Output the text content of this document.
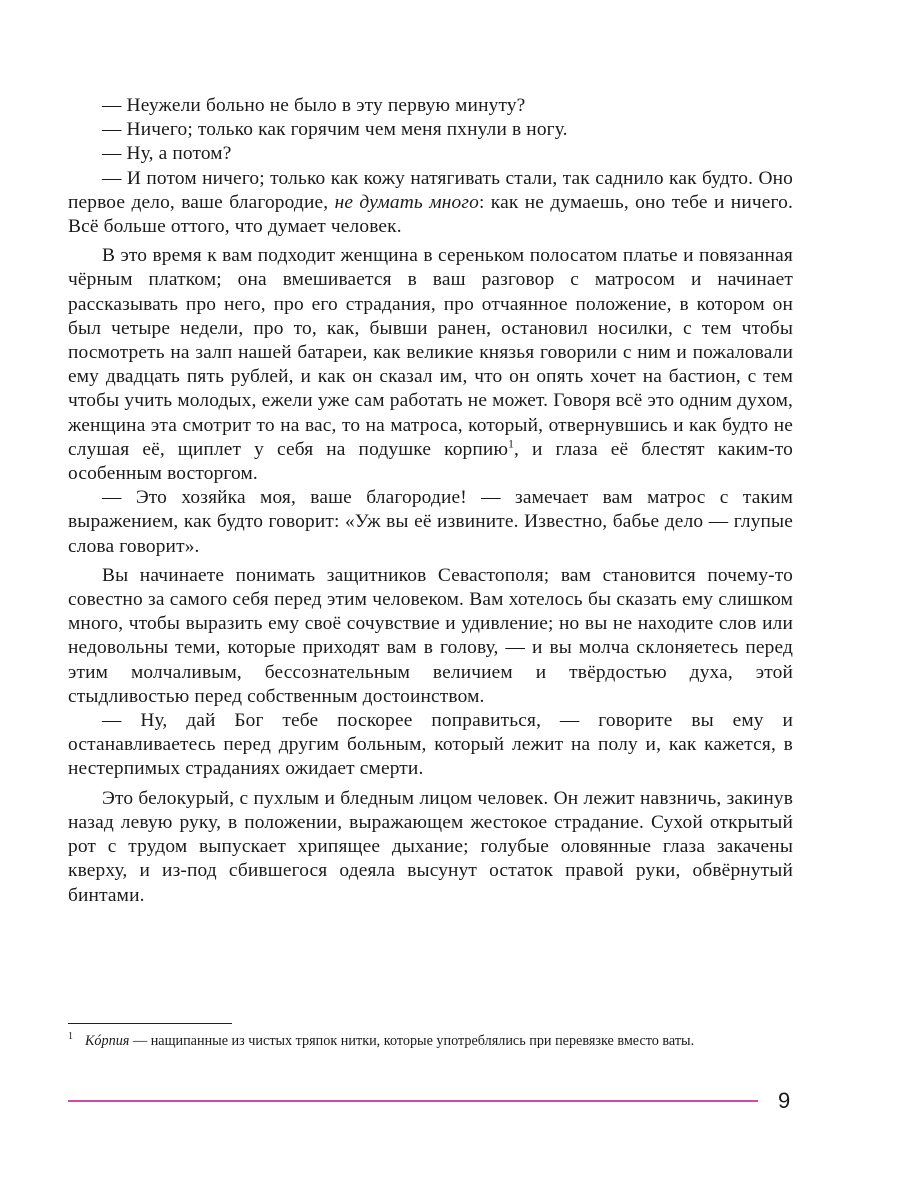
— Неужели больно не было в эту первую минуту?

— Ничего; только как горячим чем меня пхнули в ногу.

— Ну, а потом?

— И потом ничего; только как кожу натягивать стали, так саднило как будто. Оно первое дело, ваше благородие, не думать много: как не думаешь, оно тебе и ничего. Всё больше оттого, что думает человек.

В это время к вам подходит женщина в сереньком полосатом платье и повязанная чёрным платком; она вмешивается в ваш разговор с матросом и начинает рассказывать про него, про его страдания, про отчаянное положение, в котором он был четыре недели, про то, как, бывши ранен, остановил носилки, с тем чтобы посмотреть на залп нашей батареи, как великие князья говорили с ним и пожаловали ему двадцать пять рублей, и как он сказал им, что он опять хочет на бастион, с тем чтобы учить молодых, ежели уже сам работать не может. Говоря всё это одним духом, женщина эта смотрит то на вас, то на матроса, который, отвернувшись и как будто не слушая её, щиплет у себя на подушке корпию$^1$, и глаза её блестят каким-то особенным восторгом.

— Это хозяйка моя, ваше благородие! — замечает вам матрос с таким выражением, как будто говорит: «Уж вы её извините. Известно, бабье дело — глупые слова говорит».

Вы начинаете понимать защитников Севастополя; вам становится почему-то совестно за самого себя перед этим человеком. Вам хотелось бы сказать ему слишком много, чтобы выразить ему своё сочувствие и удивление; но вы не находите слов или недовольны теми, которые приходят вам в голову, — и вы молча склоняетесь перед этим молчаливым, бессознательным величием и твёрдостью духа, этой стыдливостью перед собственным достоинством.

— Ну, дай Бог тебе поскорее поправиться, — говорите вы ему и останавливаетесь перед другим больным, который лежит на полу и, как кажется, в нестерпимых страданиях ожидает смерти.

Это белокурый, с пухлым и бледным лицом человек. Он лежит навзничь, закинув назад левую руку, в положении, выражающем жестокое страдание. Сухой открытый рот с трудом выпускает хрипящее дыхание; голубые оловянные глаза закачены кверху, и из-под сбившегося одеяла высунут остаток правой руки, обвёрнутый бинтами.

$^1$ Кóрпия — нащипанные из чистых тряпок нитки, которые употреблялись при перевязке вместо ваты.
9
